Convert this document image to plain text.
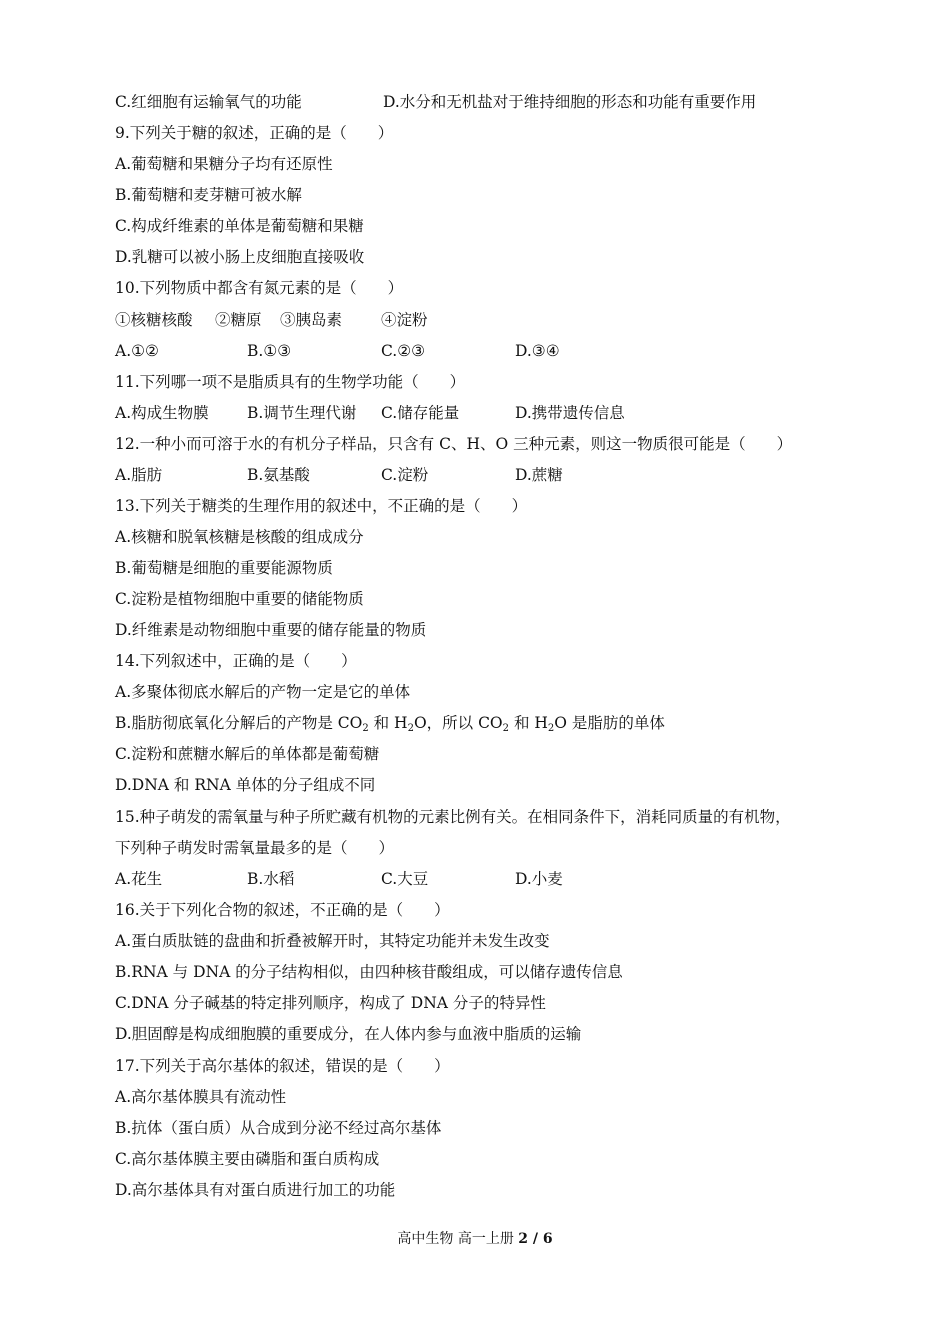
C.红细胞有运输氧气的功能	D.水分和无机盐对于维持细胞的形态和功能有重要作用
9.下列关于糖的叙述，正确的是（　　）
A.葡萄糖和果糖分子均有还原性
B.葡萄糖和麦芽糖可被水解
C.构成纤维素的单体是葡萄糖和果糖
D.乳糖可以被小肠上皮细胞直接吸收
10.下列物质中都含有氮元素的是（　　）
①核糖核酸 ②糖原 ③胰岛素	④淀粉
A.①②	B.①③	C.②③	D.③④
11.下列哪一项不是脂质具有的生物学功能（　　）
A.构成生物膜 B.调节生理代谢 C.储存能量	D.携带遗传信息
12.一种小而可溶于水的有机分子样品，只含有 C、H、O 三种元素，则这一物质很可能是（　　）
A.脂肪	B.氨基酸	C.淀粉	D.蔗糖
13.下列关于糖类的生理作用的叙述中，不正确的是（　　）
A.核糖和脱氧核糖是核酸的组成成分
B.葡萄糖是细胞的重要能源物质
C.淀粉是植物细胞中重要的储能物质
D.纤维素是动物细胞中重要的储存能量的物质
14.下列叙述中，正确的是（　　）
A.多聚体彻底水解后的产物一定是它的单体
B.脂肪彻底氧化分解后的产物是 $CO_2$ 和 $H_2O$，所以 $CO_2$ 和 $H_2O$ 是脂肪的单体
C.淀粉和蔗糖水解后的单体都是葡萄糖
D.DNA 和 RNA 单体的分子组成不同
15.种子萌发的需氧量与种子所贮藏有机物的元素比例有关。在相同条件下，消耗同质量的有机物，
下列种子萌发时需氧量最多的是（　　）
A.花生	B.水稻	C.大豆	D.小麦
16.关于下列化合物的叙述，不正确的是（　　）
A.蛋白质肽链的盘曲和折叠被解开时，其特定功能并未发生改变
B.RNA 与 DNA 的分子结构相似，由四种核苷酸组成，可以储存遗传信息
C.DNA 分子碱基的特定排列顺序，构成了 DNA 分子的特异性
D.胆固醇是构成细胞膜的重要成分，在人体内参与血液中脂质的运输
17.下列关于高尔基体的叙述，错误的是（　　）
A.高尔基体膜具有流动性
B.抗体（蛋白质）从合成到分泌不经过高尔基体
C.高尔基体膜主要由磷脂和蛋白质构成
D.高尔基体具有对蛋白质进行加工的功能
高中生物 高一上册 2 / 6
